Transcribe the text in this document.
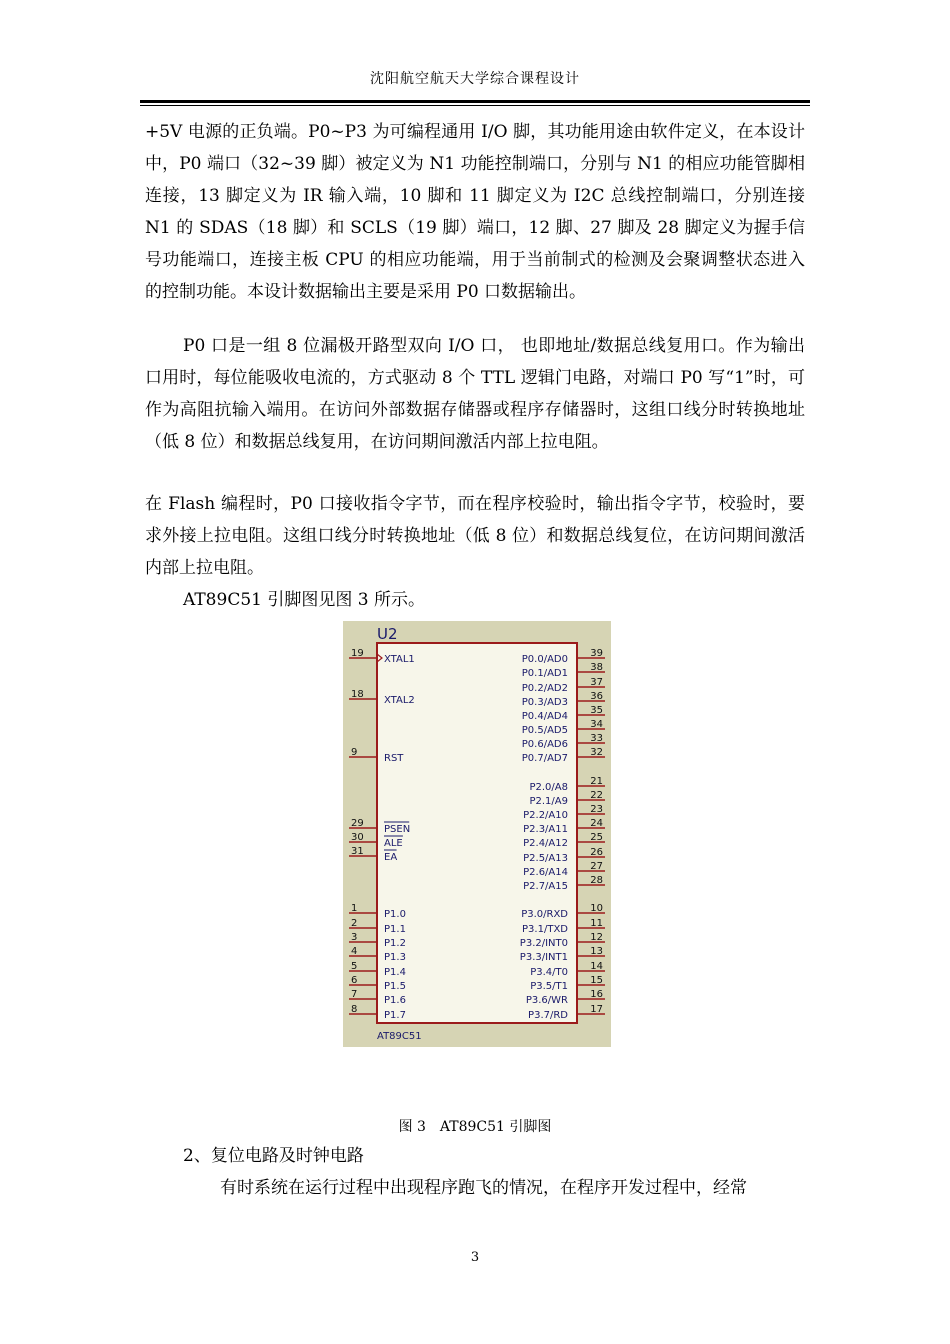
沈阳航空航天大学综合课程设计

+5V 电源的正负端。P0~P3 为可编程通用 I/O 脚，其功能用途由软件定义，在本设计中，P0 端口（32~39 脚）被定义为 N1 功能控制端口，分别与 N1 的相应功能管脚相连接，13 脚定义为 IR 输入端，10 脚和 11 脚定义为 I2C 总线控制端口，分别连接 N1 的 SDAS（18 脚）和 SCLS（19 脚）端口，12 脚、27 脚及 28 脚定义为握手信号功能端口，连接主板 CPU 的相应功能端，用于当前制式的检测及会聚调整状态进入的控制功能。本设计数据输出主要是采用 P0 口数据输出。

P0 口是一组 8 位漏极开路型双向 I/O 口， 也即地址/数据总线复用口。作为输出口用时，每位能吸收电流的，方式驱动 8 个 TTL 逻辑门电路，对端口 P0 写“1”时，可作为高阻抗输入端用。在访问外部数据存储器或程序存储器时，这组口线分时转换地址（低 8 位）和数据总线复用，在访问期间激活内部上拉电阻。

在 Flash 编程时，P0 口接收指令字节，而在程序校验时，输出指令字节，校验时，要求外接上拉电阻。这组口线分时转换地址（低 8 位）和数据总线复位，在访问期间激活内部上拉电阻。

AT89C51 引脚图见图 3 所示。

U2
AT89C51
19
XTAL1
18
XTAL2
9
RST
29
PSEN
30
ALE
31
EA
1
P1.0
2
P1.1
3
P1.2
4
P1.3
5
P1.4
6
P1.5
7
P1.6
8
P1.7
39
P0.0/AD0
38
P0.1/AD1
37
P0.2/AD2
36
P0.3/AD3
35
P0.4/AD4
34
P0.5/AD5
33
P0.6/AD6
32
P0.7/AD7
21
P2.0/A8
22
P2.1/A9
23
P2.2/A10
24
P2.3/A11
25
P2.4/A12
26
P2.5/A13
27
P2.6/A14
28
P2.7/A15
10
P3.0/RXD
11
P3.1/TXD
12
P3.2/INT0
13
P3.3/INT1
14
P3.4/T0
15
P3.5/T1
16
P3.6/WR
17
P3.7/RD
图 3　AT89C51 引脚图
2、复位电路及时钟电路
有时系统在运行过程中出现程序跑飞的情况，在程序开发过程中，经常
3
